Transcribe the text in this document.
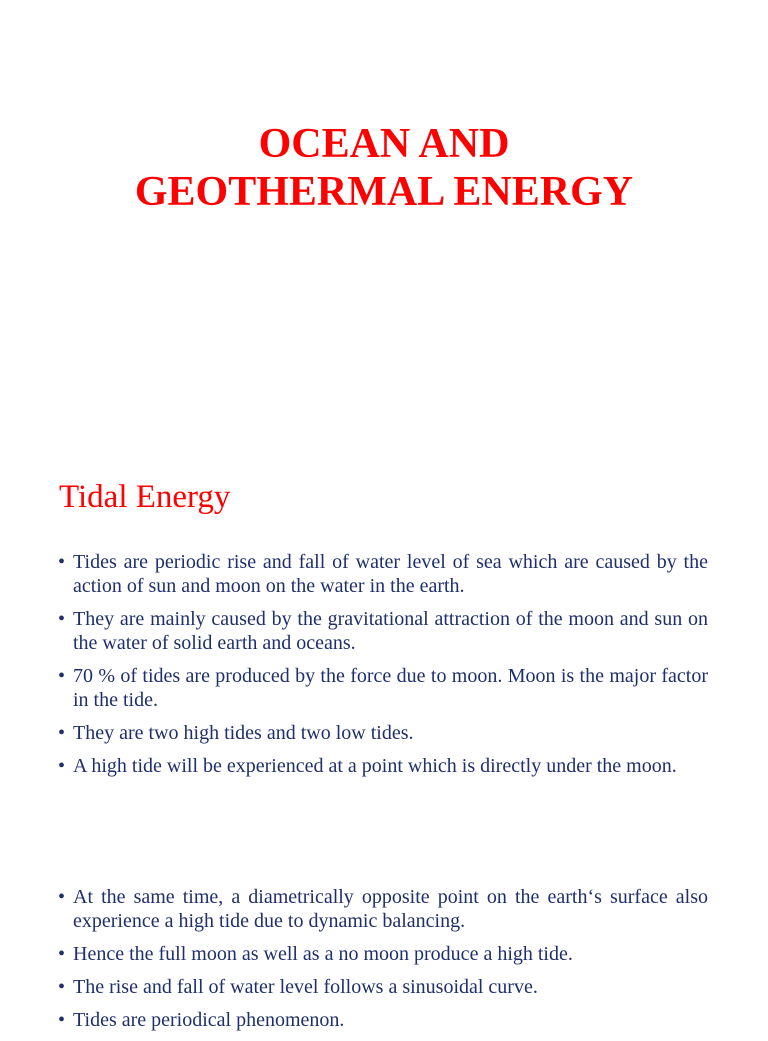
OCEAN AND
GEOTHERMAL ENERGY
Tidal Energy
• Tides are periodic rise and fall of water level of sea which are caused by the action of sun and moon on the water in the earth.
• They are mainly caused by the gravitational attraction of the moon and sun on the water of solid earth and oceans.
• 70 % of tides are produced by the force due to moon. Moon is the major factor in the tide.
• They are two high tides and two low tides.
• A high tide will be experienced at a point which is directly under the moon.
• At the same time, a diametrically opposite point on the earth‘s surface also experience a high tide due to dynamic balancing.
• Hence the full moon as well as a no moon produce a high tide.
• The rise and fall of water level follows a sinusoidal curve.
• Tides are periodical phenomenon.
